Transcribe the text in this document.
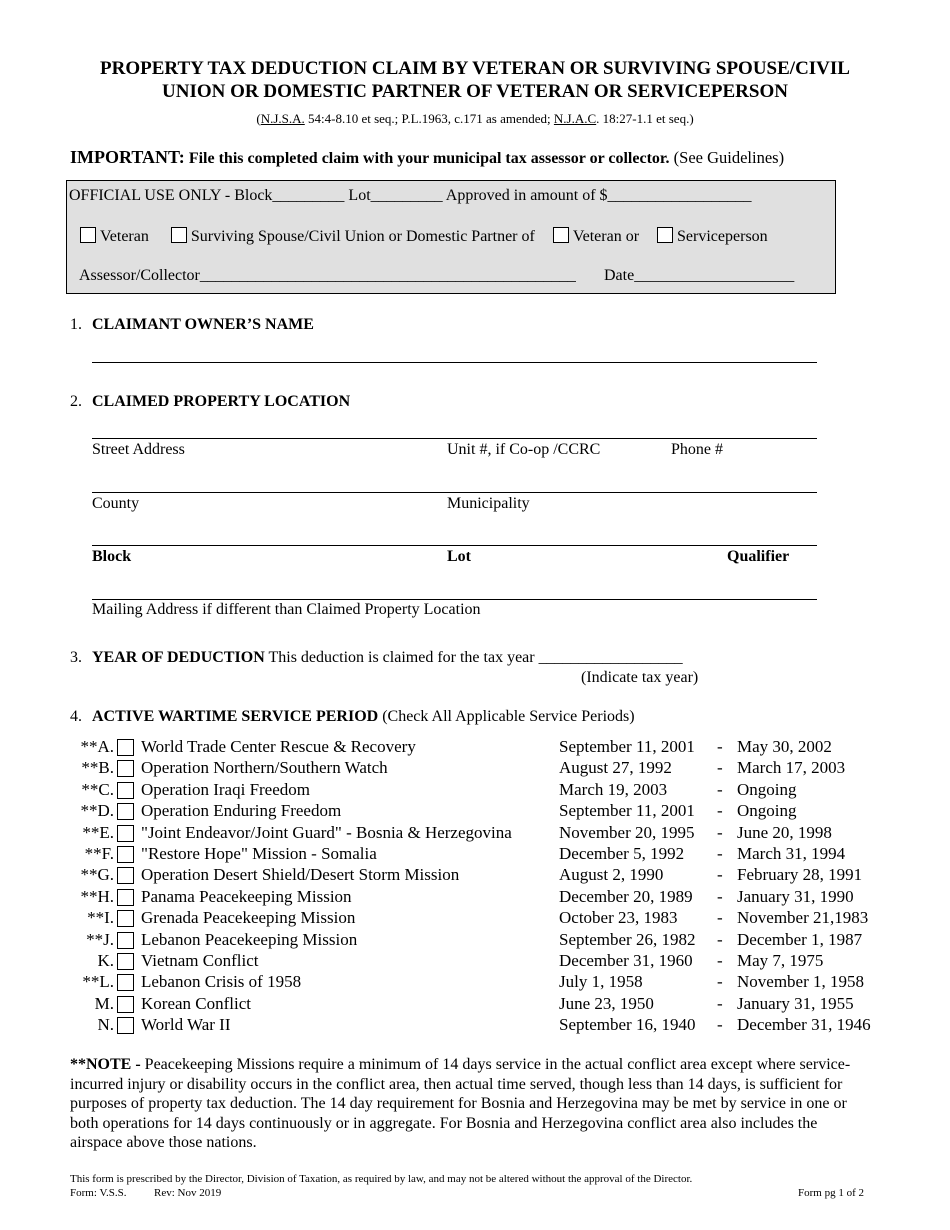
PROPERTY TAX DEDUCTION CLAIM BY VETERAN OR SURVIVING SPOUSE/CIVIL
UNION OR DOMESTIC PARTNER OF VETERAN OR SERVICEPERSON
(N.J.S.A. 54:4-8.10 et seq.; P.L.1963, c.171 as amended; N.J.A.C. 18:27-1.1 et seq.)
IMPORTANT: File this completed claim with your municipal tax assessor or collector. (See Guidelines)
OFFICIAL USE ONLY - Block_________ Lot_________ Approved in amount of $__________________
Veteran	Surviving Spouse/Civil Union or Domestic Partner of Veteran or Serviceperson
Assessor/Collector_______________________________________________ Date____________________
1. CLAIMANT OWNER’S NAME
2. CLAIMED PROPERTY LOCATION
Street Address	Unit #, if Co-op /CCRC	Phone #
County	Municipality
Block	Lot	Qualifier
Mailing Address if different than Claimed Property Location
3. YEAR OF DEDUCTION This deduction is claimed for the tax year __________________
(Indicate tax year)
4. ACTIVE WARTIME SERVICE PERIOD (Check All Applicable Service Periods)
**A. World Trade Center Rescue & Recovery	September 11, 2001 - May 30, 2002
**B. Operation Northern/Southern Watch	August 27, 1992	- March 17, 2003
**C. Operation Iraqi Freedom	March 19, 2003	- Ongoing
**D. Operation Enduring Freedom	September 11, 2001 - Ongoing
**E. "Joint Endeavor/Joint Guard" - Bosnia & Herzegovina	November 20, 1995 - June 20, 1998
**F. "Restore Hope" Mission - Somalia	December 5, 1992 - March 31, 1994
**G. Operation Desert Shield/Desert Storm Mission	August 2, 1990	- February 28, 1991
**H. Panama Peacekeeping Mission	December 20, 1989 - January 31, 1990
**I. Grenada Peacekeeping Mission	October 23, 1983 - November 21,1983
**J. Lebanon Peacekeeping Mission	September 26, 1982 - December 1, 1987
K. Vietnam Conflict	December 31, 1960 - May 7, 1975
**L. Lebanon Crisis of 1958	July 1, 1958	- November 1, 1958
M. Korean Conflict	June 23, 1950	- January 31, 1955
N. World War II	September 16, 1940 - December 31, 1946
**NOTE - Peacekeeping Missions require a minimum of 14 days service in the actual conflict area except where service-incurred injury or disability occurs in the conflict area, then actual time served, though less than 14 days, is sufficient for purposes of property tax deduction. The 14 day requirement for Bosnia and Herzegovina may be met by service in one or both operations for 14 days continuously or in aggregate. For Bosnia and Herzegovina conflict area also includes the airspace above those nations.
This form is prescribed by the Director, Division of Taxation, as required by law, and may not be altered without the approval of the Director.
Form: V.S.S.	Rev: Nov 2019	Form pg 1 of 2
